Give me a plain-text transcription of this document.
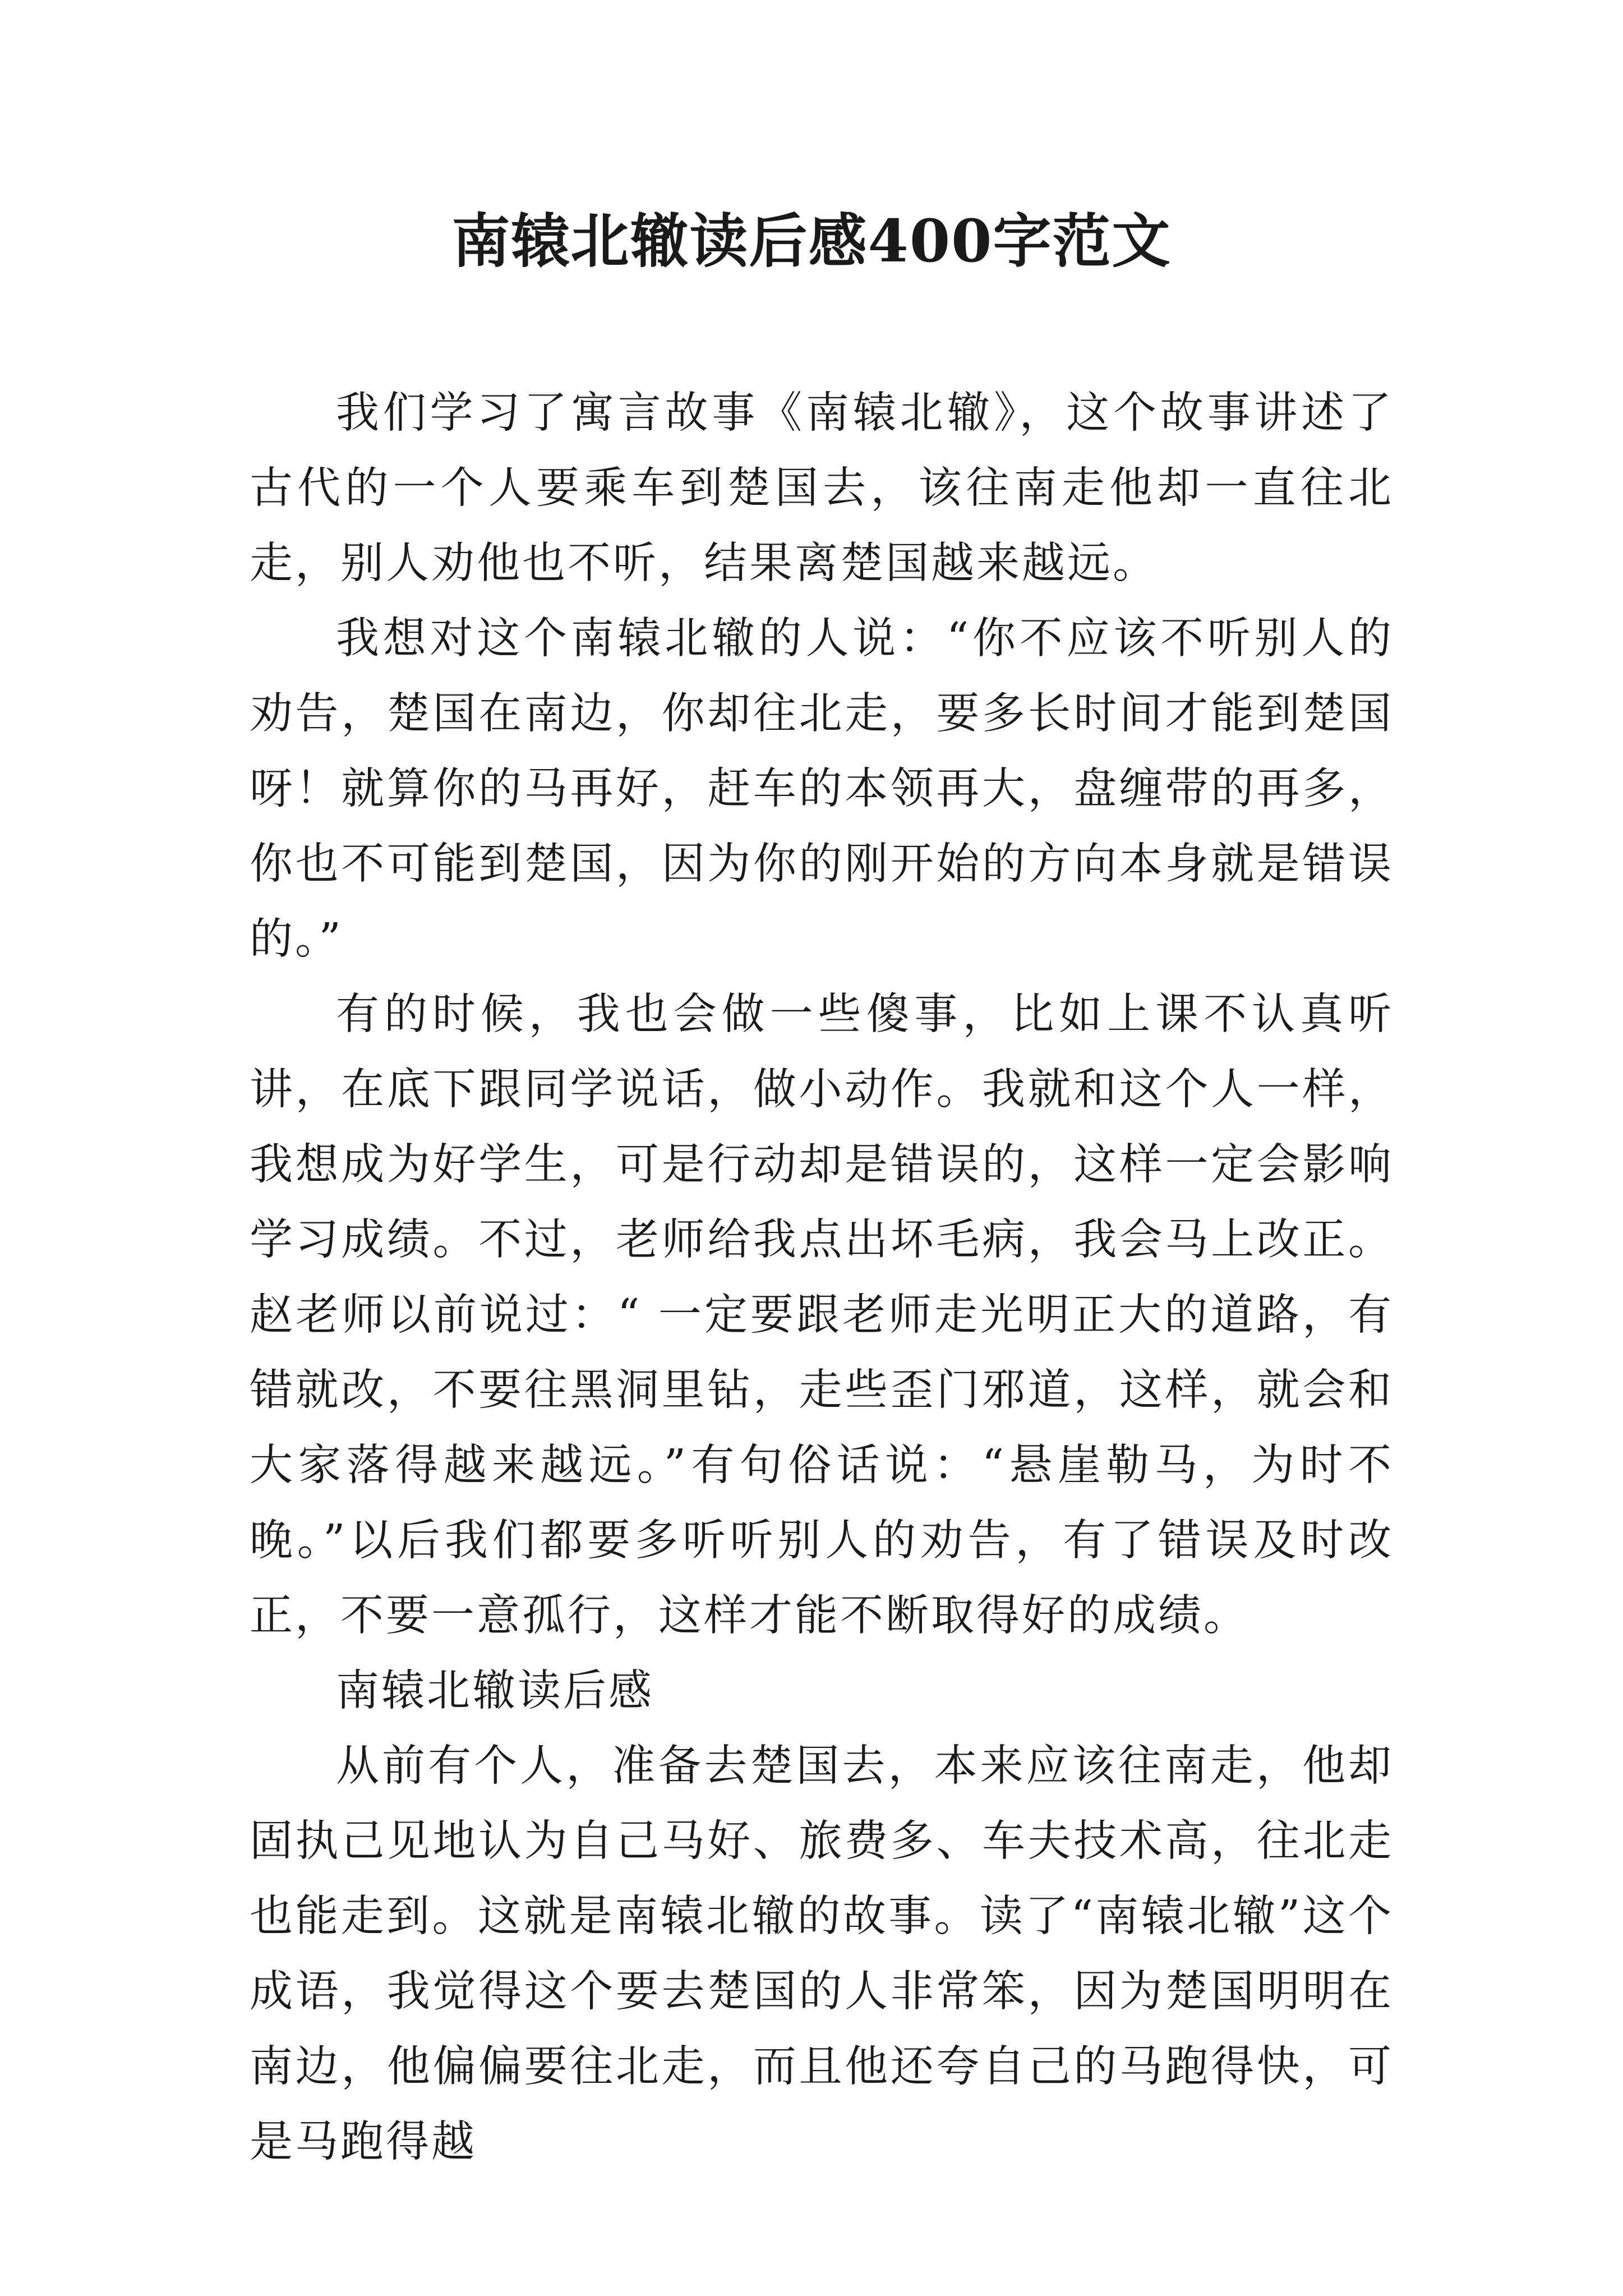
南辕北辙读后感400字范文

我们学习了寓言故事《南辕北辙》，这个故事讲述了古代的一个人要乘车到楚国去，该往南走他却一直往北走，别人劝他也不听，结果离楚国越来越远。

我想对这个南辕北辙的人说：“你不应该不听别人的劝告，楚国在南边，你却往北走，要多长时间才能到楚国呀！就算你的马再好，赶车的本领再大，盘缠带的再多，你也不可能到楚国，因为你的刚开始的方向本身就是错误的。”

有的时候，我也会做一些傻事，比如上课不认真听讲，在底下跟同学说话，做小动作。我就和这个人一样，我想成为好学生，可是行动却是错误的，这样一定会影响学习成绩。不过，老师给我点出坏毛病，我会马上改正。赵老师以前说过：“ 一定要跟老师走光明正大的道路，有错就改，不要往黑洞里钻，走些歪门邪道，这样，就会和大家落得越来越远。”有句俗话说：“悬崖勒马，为时不晚。”以后我们都要多听听别人的劝告，有了错误及时改正，不要一意孤行，这样才能不断取得好的成绩。

南辕北辙读后感

从前有个人，准备去楚国去，本来应该往南走，他却固执己见地认为自己马好、旅费多、车夫技术高，往北走也能走到。这就是南辕北辙的故事。读了“南辕北辙”这个成语，我觉得这个要去楚国的人非常笨，因为楚国明明在南边，他偏偏要往北走，而且他还夸自己的马跑得快，可是马跑得越
